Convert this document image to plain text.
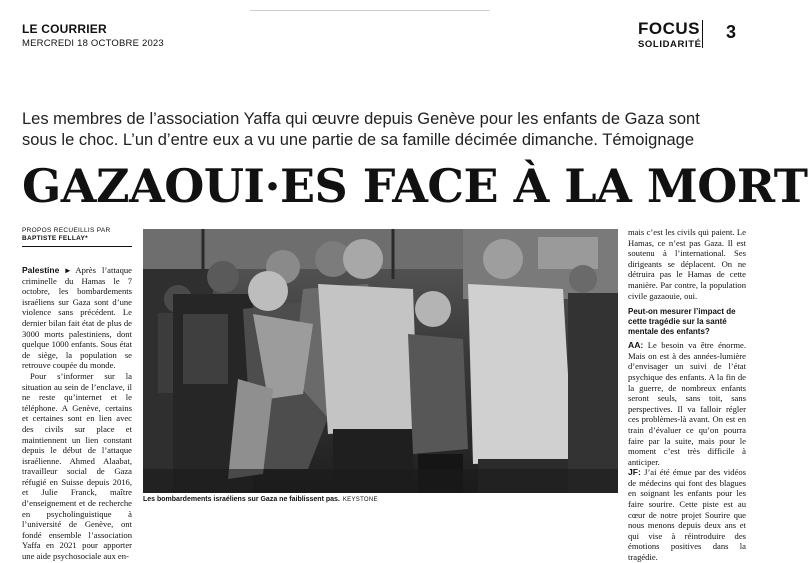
LE COURRIER
MERCREDI 18 OCTOBRE 2023
FOCUS
SOLIDARITÉ
3
Les membres de l’association Yaffa qui œuvre depuis Genève pour les enfants de Gaza sont sous le choc. L’un d’entre eux a vu une partie de sa famille décimée dimanche. Témoignage
GAZAOUI·ES FACE À LA MORT
PROPOS RECUEILLIS PAR
BAPTISTE FELLAY*

Palestine ▸ Après l’attaque criminelle du Hamas le 7 octobre, les bombardements israéliens sur Gaza sont d’une violence sans précédent. Le dernier bilan fait état de plus de 3000 morts palestiniens, dont quelque 1000 enfants. Sous état de siège, la population se retrouve coupée du monde.

Pour s’informer sur la situation au sein de l’enclave, il ne reste qu’internet et le téléphone. A Genève, certains et certaines sont en lien avec des civils sur place et maintiennent un lien constant depuis le début de l’attaque israélienne. Ahmed Alaabat, travailleur social de Gaza réfugié en Suisse depuis 2016, et Julie Franck, maître d’enseignement et de recherche en psycholinguistique à l’université de Genève, ont fondé ensemble l’association Yaffa en 2021 pour apporter une aide psychosociale aux en-

Les bombardements israéliens sur Gaza ne faiblissent pas. KEYSTONE

mais c’est les civils qui paient. Le Hamas, ce n’est pas Gaza. Il est soutenu à l’international. Ses dirigeants se déplacent. On ne détruira pas le Hamas de cette manière. Par contre, la population civile gazaouie, oui.

Peut-on mesurer l’impact de cette tragédie sur la santé mentale des enfants?

AA: Le besoin va être énorme. Mais on est à des années-lumière d’envisager un suivi de l’état psychique des enfants. A la fin de la guerre, de nombreux enfants seront seuls, sans toit, sans perspectives. Il va falloir régler ces problèmes-là avant. On est en train d’évaluer ce qu’on pourra faire par la suite, mais pour le moment c’est très difficile à anticiper.

JF: J’ai été émue par des vidéos de médecins qui font des blagues en soignant les enfants pour les faire sourire. Cette piste est au cœur de notre projet Sourire que nous menons depuis deux ans et qui vise à réintroduire des émotions positives dans la tragédie.
